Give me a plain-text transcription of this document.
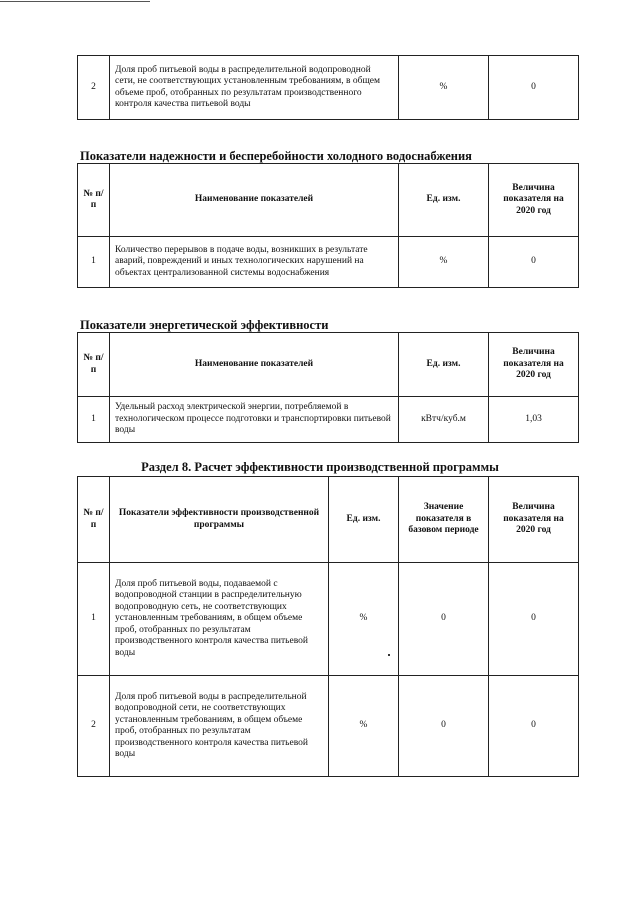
2	Доля проб питьевой воды в распределительной водопроводной сети, не соответствующих установленным требованиям, в общем объеме проб, отобранных по результатам производственного контроля качества питьевой воды	%	0
Показатели надежности и бесперебойности холодного водоснабжения
№ п/п	Наименование показателей	Ед. изм.	Величина показателя на 2020 год
1	Количество перерывов в подаче воды, возникших в результате аварий, повреждений и иных технологических нарушений на объектах централизованной системы водоснабжения	%	0
Показатели энергетической эффективности
№ п/п	Наименование показателей	Ед. изм.	Величина показателя на 2020 год
1	Удельный расход электрической энергии, потребляемой в технологическом процессе подготовки и транспортировки питьевой воды	кВтч/куб.м	1,03
Раздел 8. Расчет эффективности производственной программы
№ п/п	Показатели эффективности производственной программы	Ед. изм.	Значение показателя в базовом периоде	Величина показателя на 2020 год
1	Доля проб питьевой воды, подаваемой с водопроводной станции в распределительную водопроводную сеть, не соответствующих установленным требованиям, в общем объеме проб, отобранных по результатам производственного контроля качества питьевой воды	%	0	0
2	Доля проб питьевой воды в распределительной водопроводной сети, не соответствующих установленным требованиям, в общем объеме проб, отобранных по результатам производственного контроля качества питьевой воды	%	0	0
